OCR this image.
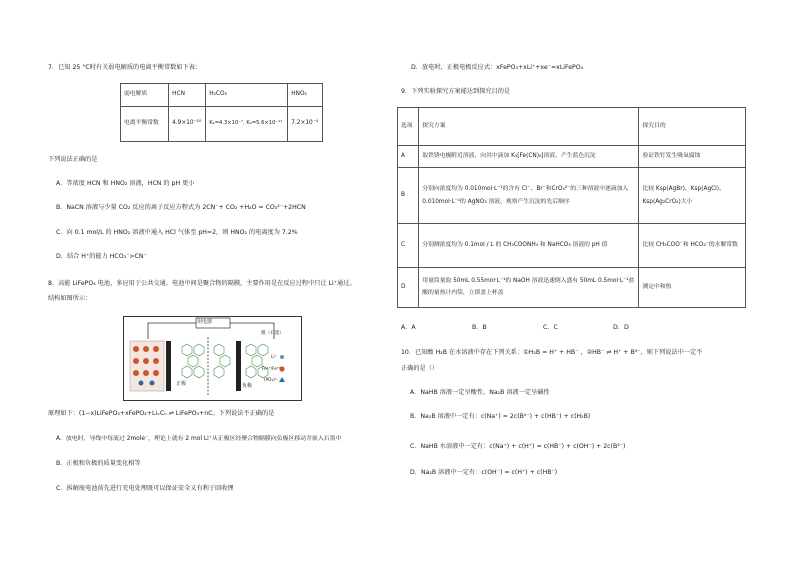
7．已知 25 °C时有关弱电解质的电离平衡常数如下表：
弱电解质	HCN	H₂CO₃	HNO₂
电离平衡常数	4.9×10⁻¹⁰	K₁=4.3×10⁻⁷, K₂=5.6×10⁻¹¹	7.2×10⁻⁴
下列说法正确的是
A．等浓度 HCN 和 HNO₂ 溶液，HCN 的 pH 更小
B．NaCN 溶液与少量 CO₂ 反应的离子反应方程式为 2CN⁻+ CO₂ +H₂O = CO₃²⁻+2HCN
C．向 0.1 mol/L 的 HNO₂ 溶液中通入 HCl 气体至 pH=2，则 HNO₂ 的电离度为 7.2%
D．结合 H⁺的能力 HCO₃⁻>CN⁻
8．高能 LiFePO₄ 电池，多应用于公共交通。电池中间是聚合物的隔膜，主要作用是在反应过程中只让 Li⁺通过。
结构如图所示：
用电器
正极	负极
膜（石墨）
Li⁺
Fe²⁺/Fe³⁺
(PO₄)³⁻
原理如下：(1−x)LiFePO₄+xFePO₄+LiₓCₙ ⇌ LiFePO₄+nC。下列说法不正确的是
A．放电时，导线中每流过 2mole⁻，理论上就有 2 mol Li⁺从正极区经聚合物隔膜向负极区移动并嵌入石墨中
B．正极和负极的质量变化相等
C．拆解废电池前先进行充电处理既可以保证安全又有利于回收锂
D．放电时，正极电极反应式：xFePO₄+xLi⁺+xe⁻=xLiFePO₄
9．下列实验探究方案能达到探究目的是
选项	探究方案	探究目的
A	取铁锈电极附近溶液，向其中滴加 K₃[Fe(CN)₆]溶液，产生蓝色沉淀	验证铁钉发生吸氧腐蚀
B	分别向浓度均为 0.010mol·L⁻¹的含有 Cl⁻、Br⁻和CrO₄²⁻的三种溶液中逐滴加入 0.010mol·L⁻¹的 AgNO₃ 溶液，观察产生沉淀的先后顺序	比较 Ksp(AgBr)、Ksp(AgCl)、Ksp(Ag₂CrO₄)大小
C	分别测浓度均为 0.1mol / L 的 CH₃COONH₄ 和 NaHCO₃ 溶液的 pH 值	比较 CH₃COO⁻和 HCO₃⁻的水解常数
D	用量筒量取 50mL 0.55mol·L⁻¹的 NaOH 溶液迅速倒入盛有 50mL 0.5mol·L⁻¹盐酸的量热计内筒，立即盖上杯盖	测定中和热
A．A	B．B	C．C	D．D
10．已知酸 H₂B 在水溶液中存在下列关系：①H₂B = H⁺ + HB⁻ ，②HB⁻ ⇌ H⁺ + B²⁻，则下列说法中一定不
正确的是（）
A．NaHB 溶液一定呈酸性，Na₂B 溶液一定呈碱性
B．Na₂B 溶液中一定有：c(Na⁺) = 2c(B²⁻) + c(HB⁻) + c(H₂B)
C．NaHB 水溶液中一定有：c(Na⁺) + c(H⁺) = c(HB⁻) + c(OH⁻) + 2c(B²⁻)
D．Na₂B 溶液中一定有：c(OH⁻) = c(H⁺) + c(HB⁻)
